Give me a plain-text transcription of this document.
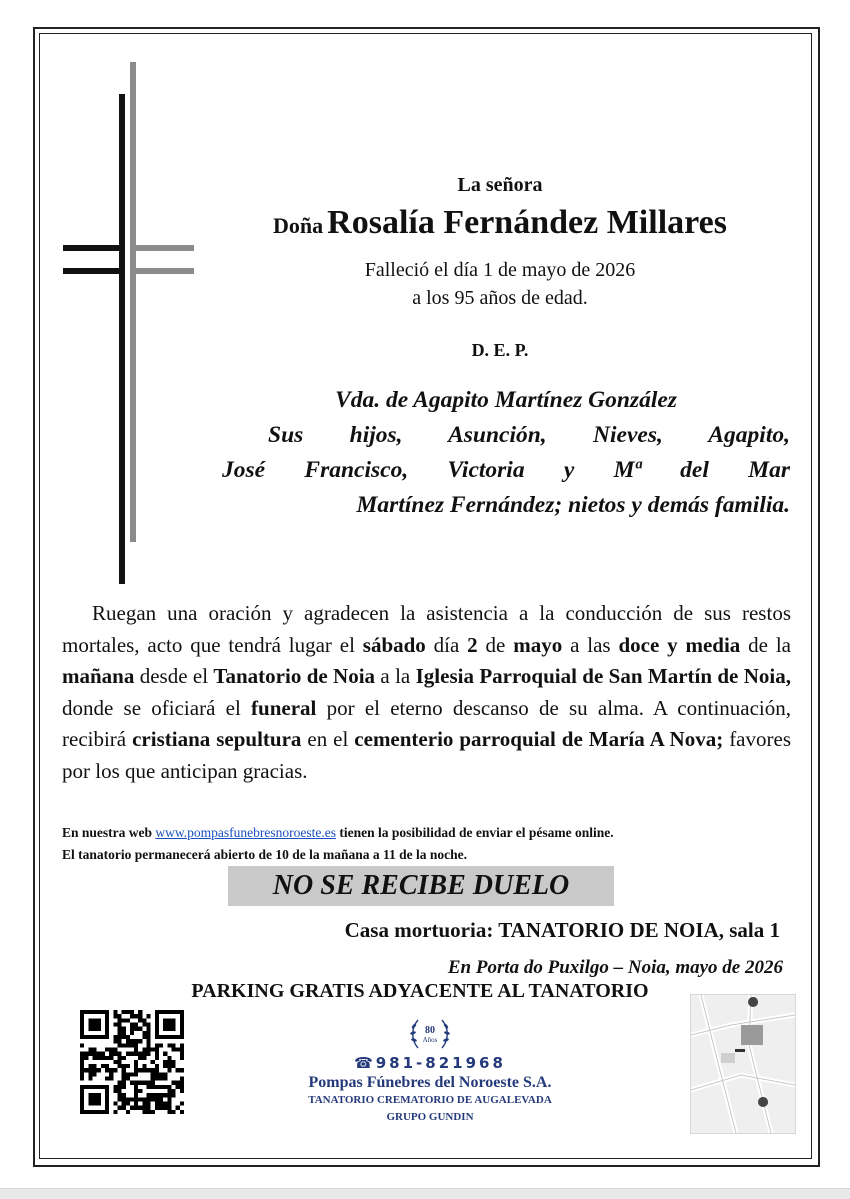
La señora
Doña Rosalía Fernández Millares
Falleció el día 1 de mayo de 2026
a los 95 años de edad.
D. E. P.
Vda. de Agapito Martínez González
Sus hijos, Asunción, Nieves, Agapito,
José Francisco, Victoria y Mª del Mar
Martínez Fernández; nietos y demás familia.

Ruegan una oración y agradecen la asistencia a la conducción de sus restos mortales, acto que tendrá lugar el sábado día 2 de mayo a las doce y media de la mañana desde el Tanatorio de Noia a la Iglesia Parroquial de San Martín de Noia, donde se oficiará el funeral por el eterno descanso de su alma. A continuación, recibirá cristiana sepultura en el cementerio parroquial de María A Nova; favores por los que anticipan gracias.

En nuestra web www.pompasfunebresnoroeste.es tienen la posibilidad de enviar el pésame online.
El tanatorio permanecerá abierto de 10 de la mañana a 11 de la noche.
NO SE RECIBE DUELO
Casa mortuoria: TANATORIO DE NOIA, sala 1
En Porta do Puxilgo – Noia, mayo de 2026
PARKING GRATIS ADYACENTE AL TANATORIO
80
Años
☎981-821968
Pompas Fúnebres del Noroeste S.A.
TANATORIO CREMATORIO DE AUGALEVADA
GRUPO GUNDIN
